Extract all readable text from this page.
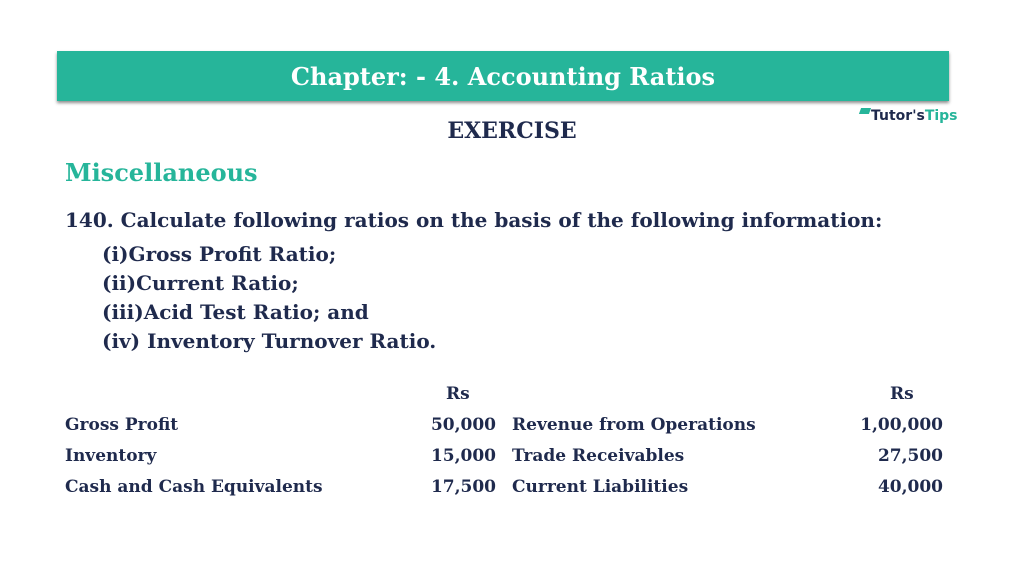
Chapter: - 4. Accounting Ratios
EXERCISE
Tutor's Tips
Miscellaneous
140. Calculate following ratios on the basis of the following information:
(i)Gross Profit Ratio;
(ii)Current Ratio;
(iii)Acid Test Ratio; and
(iv) Inventory Turnover Ratio.
Rs	Rs
Gross Profit	50,000 Revenue from Operations	1,00,000
Inventory	15,000 Trade Receivables	27,500
Cash and Cash Equivalents	17,500 Current Liabilities	40,000
